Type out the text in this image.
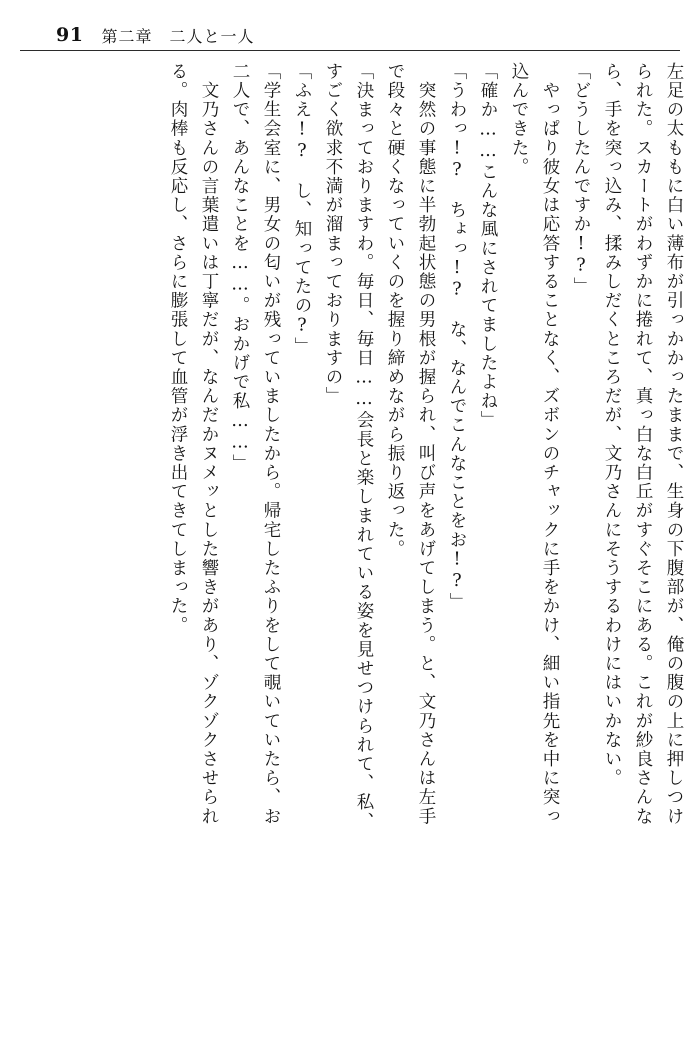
91 第二章　二人と一人
左足の太ももに白い薄布が引っかかったままで、生身の下腹部が、俺の腹の上に押しつけ
られた。スカートがわずかに捲れて、真っ白な白丘がすぐそこにある。これが紗良さんな
ら、手を突っ込み、揉みしだくところだが、文乃さんにそうするわけにはいかない。
「どうしたんですか!?」
　やっぱり彼女は応答することなく、ズボンのチャックに手をかけ、細い指先を中に突っ
込んできた。
「確か……こんな風にされてましたよね」
「うわっ!?　ちょっ!?　な、なんでこんなことをお!?」
　突然の事態に半勃起状態の男根が握られ、叫び声をあげてしまう。と、文乃さんは左手
で段々と硬くなっていくのを握り締めながら振り返った。
「決まっておりますわ。毎日、毎日……会長と楽しまれている姿を見せつけられて、私、
すごく欲求不満が溜まっておりますの」
「ふえ!?　し、知ってたの?」
「学生会室に、男女の匂いが残っていましたから。帰宅したふりをして覗いていたら、お
二人で、あんなことを……。おかげで私……」
　文乃さんの言葉遣いは丁寧だが、なんだかヌメッとした響きがあり、ゾクゾクさせられ
る。肉棒も反応し、さらに膨張して血管が浮き出てきてしまった。
